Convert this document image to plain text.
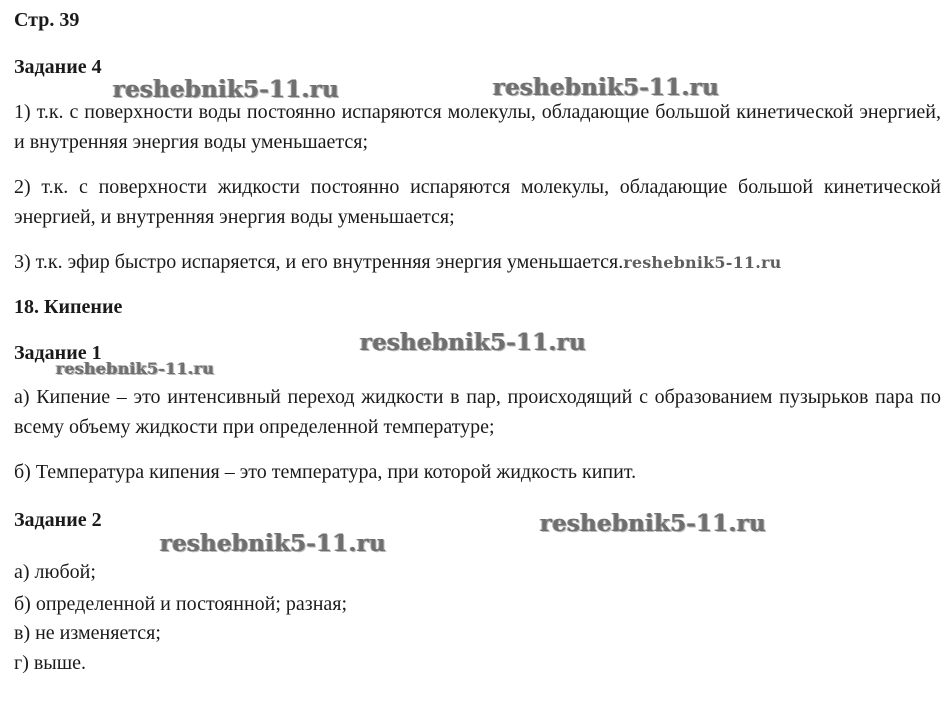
Стр. 39
Задание 4
1) т.к. с поверхности воды постоянно испаряются молекулы, обладающие большой кинетической энергией, и внутренняя энергия воды уменьшается;
2) т.к. с поверхности жидкости постоянно испаряются молекулы, обладающие большой кинетической энергией, и внутренняя энергия воды уменьшается;
3) т.к. эфир быстро испаряется, и его внутренняя энергия уменьшается.reshebnik5-11.ru
18. Кипение
Задание 1
а) Кипение – это интенсивный переход жидкости в пар, происходящий с образованием пузырьков пара по всему объему жидкости при определенной температуре;
б) Температура кипения – это температура, при которой жидкость кипит.
Задание 2
а) любой;
б) определенной и постоянной; разная;
в) не изменяется;
г) выше.
reshebnik5-11.ru	reshebnik5-11.ru
reshebnik5-11.ru
reshebnik5-11.ru
reshebnik5-11.ru
reshebnik5-11.ru
